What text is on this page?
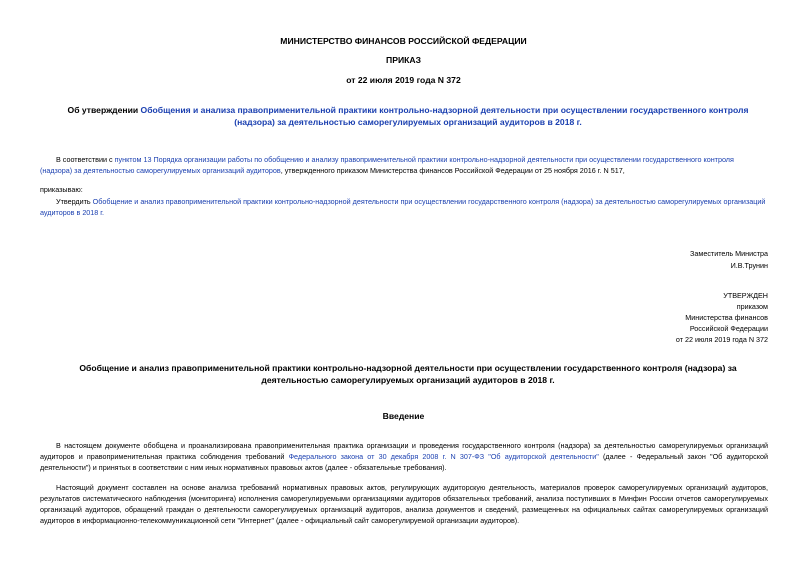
МИНИСТЕРСТВО ФИНАНСОВ РОССИЙСКОЙ ФЕДЕРАЦИИ
ПРИКАЗ
от 22 июля 2019 года N 372
Об утверждении Обобщения и анализа правоприменительной практики контрольно-надзорной деятельности при осуществлении государственного контроля (надзора) за деятельностью саморегулируемых организаций аудиторов в 2018 г.
В соответствии с пунктом 13 Порядка организации работы по обобщению и анализу правоприменительной практики контрольно-надзорной деятельности при осуществлении государственного контроля (надзора) за деятельностью саморегулируемых организаций аудиторов, утвержденного приказом Министерства финансов Российской Федерации от 25 ноября 2016 г. N 517,
приказываю:
Утвердить Обобщение и анализ правоприменительной практики контрольно-надзорной деятельности при осуществлении государственного контроля (надзора) за деятельностью саморегулируемых организаций аудиторов в 2018 г.
Заместитель Министра
И.В.Трунин
УТВЕРЖДЕН
приказом
Министерства финансов
Российской Федерации
от 22 июля 2019 года N 372
Обобщение и анализ правоприменительной практики контрольно-надзорной деятельности при осуществлении государственного контроля (надзора) за деятельностью саморегулируемых организаций аудиторов в 2018 г.
Введение
В настоящем документе обобщена и проанализирована правоприменительная практика организации и проведения государственного контроля (надзора) за деятельностью саморегулируемых организаций аудиторов и правоприменительная практика соблюдения требований Федерального закона от 30 декабря 2008 г. N 307-ФЗ "Об аудиторской деятельности" (далее - Федеральный закон "Об аудиторской деятельности") и принятых в соответствии с ним иных нормативных правовых актов (далее - обязательные требования).
Настоящий документ составлен на основе анализа требований нормативных правовых актов, регулирующих аудиторскую деятельность, материалов проверок саморегулируемых организаций аудиторов, результатов систематического наблюдения (мониторинга) исполнения саморегулируемыми организациями аудиторов обязательных требований, анализа поступивших в Минфин России отчетов саморегулируемых организаций аудиторов, обращений граждан о деятельности саморегулируемых организаций аудиторов, анализа документов и сведений, размещенных на официальных сайтах саморегулируемых организаций аудиторов в информационно-телекоммуникационной сети "Интернет" (далее - официальный сайт саморегулируемой организации аудиторов).
